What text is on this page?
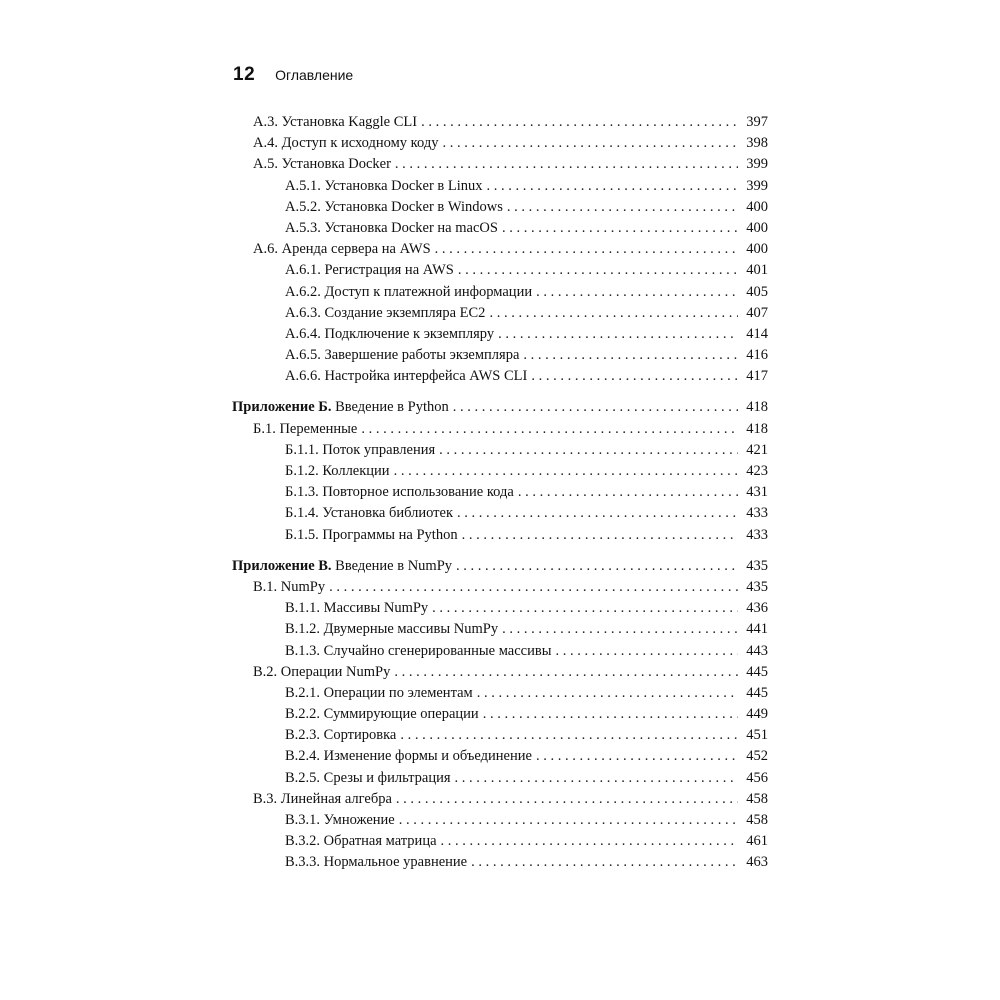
12 Оглавление
А.3. Установка Kaggle CLI . . .	397
А.4. Доступ к исходному коду . . .	398
А.5. Установка Docker . . .	399
А.5.1. Установка Docker в Linux . . .	399
А.5.2. Установка Docker в Windows . . .	400
А.5.3. Установка Docker на macOS . . .	400
А.6. Аренда сервера на AWS . . .	400
А.6.1. Регистрация на AWS . . .	401
А.6.2. Доступ к платежной информации . . .	405
А.6.3. Создание экземпляра EC2 . . .	407
А.6.4. Подключение к экземпляру . . .	414
А.6.5. Завершение работы экземпляра . . .	416
А.6.6. Настройка интерфейса AWS CLI . . .	417
Приложение Б. Введение в Python . . .	418
Б.1. Переменные . . .	418
Б.1.1. Поток управления . . .	421
Б.1.2. Коллекции . . .	423
Б.1.3. Повторное использование кода . . .	431
Б.1.4. Установка библиотек . . .	433
Б.1.5. Программы на Python . . .	433
Приложение В. Введение в NumPy . . .	435
В.1. NumPy . . .	435
В.1.1. Массивы NumPy . . .	436
В.1.2. Двумерные массивы NumPy . . .	441
В.1.3. Случайно сгенерированные массивы . . .	443
В.2. Операции NumPy . . .	445
В.2.1. Операции по элементам . . .	445
В.2.2. Суммирующие операции . . .	449
В.2.3. Сортировка . . .	451
В.2.4. Изменение формы и объединение . . .	452
В.2.5. Срезы и фильтрация . . .	456
В.3. Линейная алгебра . . .	458
В.3.1. Умножение . . .	458
В.3.2. Обратная матрица . . .	461
В.3.3. Нормальное уравнение . . .	463
